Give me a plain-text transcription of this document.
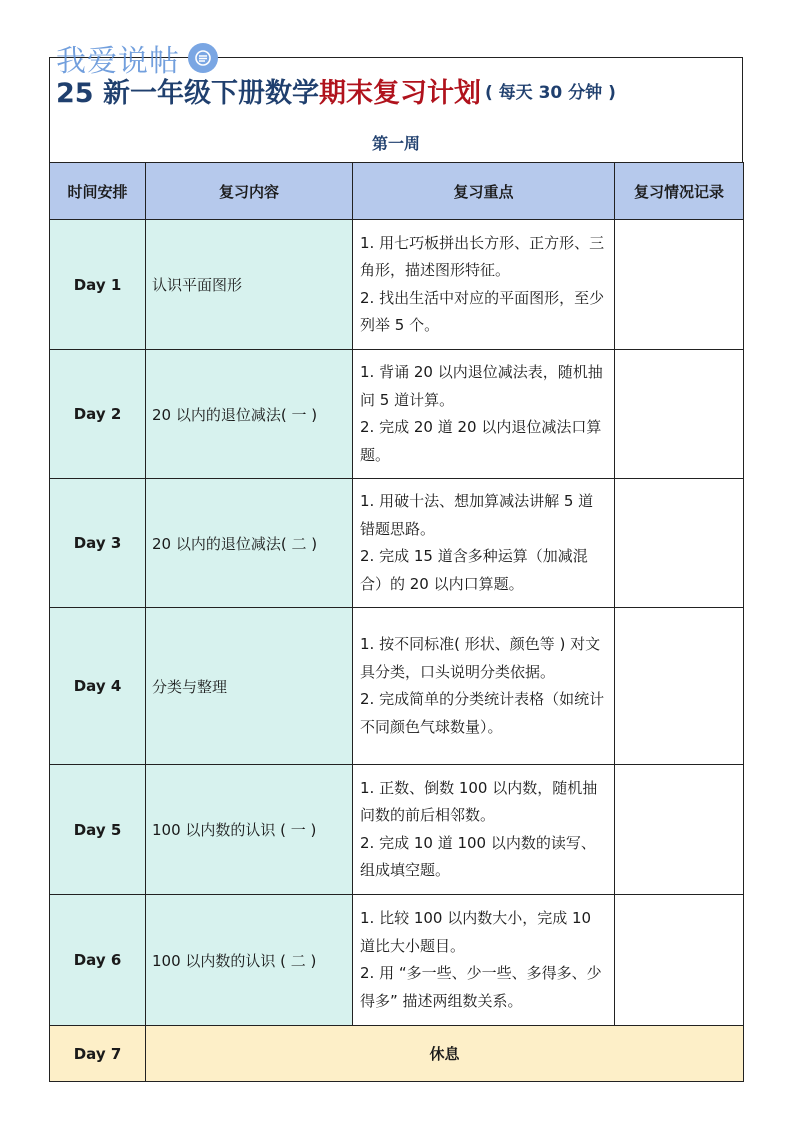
我爱说帖
25 新一年级下册数学 期末复习计划 ( 每天 30 分钟 )
第一周
时间安排	复习内容	复习重点	复习情况记录
Day 1	认识平面图形	1. 用七巧板拼出长方形、正方形、三角形，描述图形特征。
2. 找出生活中对应的平面图形，至少列举 5 个。	

Day 2	20 以内的退位减法( 一 )	1. 背诵 20 以内退位减法表，随机抽问 5 道计算。
2. 完成 20 道 20 以内退位减法口算题。	

Day 3	20 以内的退位减法( 二 )	1. 用破十法、想加算减法讲解 5 道错题思路。
2. 完成 15 道含多种运算（加减混合）的 20 以内口算题。	

Day 4	分类与整理	1. 按不同标准( 形状、颜色等 ) 对文具分类，口头说明分类依据。
2. 完成简单的分类统计表格（如统计不同颜色气球数量）。	

Day 5	100 以内数的认识 ( 一 )	1. 正数、倒数 100 以内数，随机抽问数的前后相邻数。
2. 完成 10 道 100 以内数的读写、组成填空题。	

Day 6	100 以内数的认识 ( 二 )	1. 比较 100 以内数大小，完成 10 道比大小题目。
2. 用 “多一些、少一些、多得多、少得多” 描述两组数关系。	

Day 7	休息		
